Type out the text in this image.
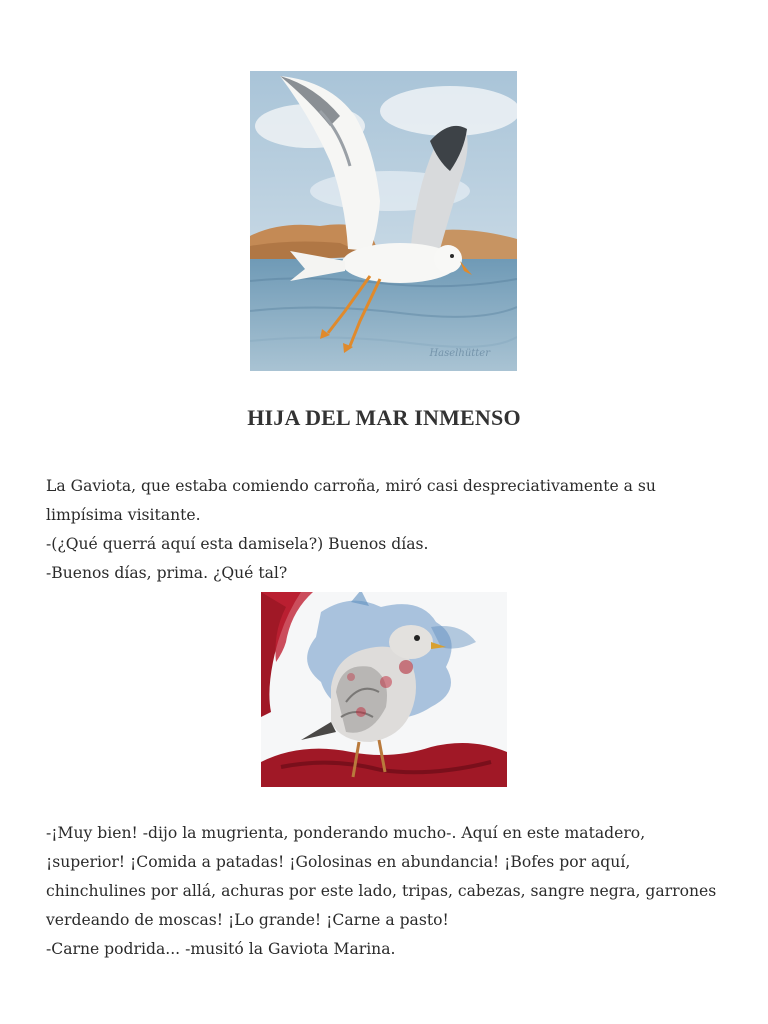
Haselhütter
HIJA DEL MAR INMENSO
La Gaviota, que estaba comiendo carroña, miró casi despreciativamente a su
limpísima visitante.
-(¿Qué querrá aquí esta damisela?) Buenos días.
-Buenos días, prima. ¿Qué tal?
-¡Muy bien! -dijo la mugrienta, ponderando mucho-. Aquí en este matadero,
¡superior! ¡Comida a patadas! ¡Golosinas en abundancia! ¡Bofes por aquí,
chinchulines por allá, achuras por este lado, tripas, cabezas, sangre negra, garrones
verdeando de moscas! ¡Lo grande! ¡Carne a pasto!
-Carne podrida... -musitó la Gaviota Marina.
